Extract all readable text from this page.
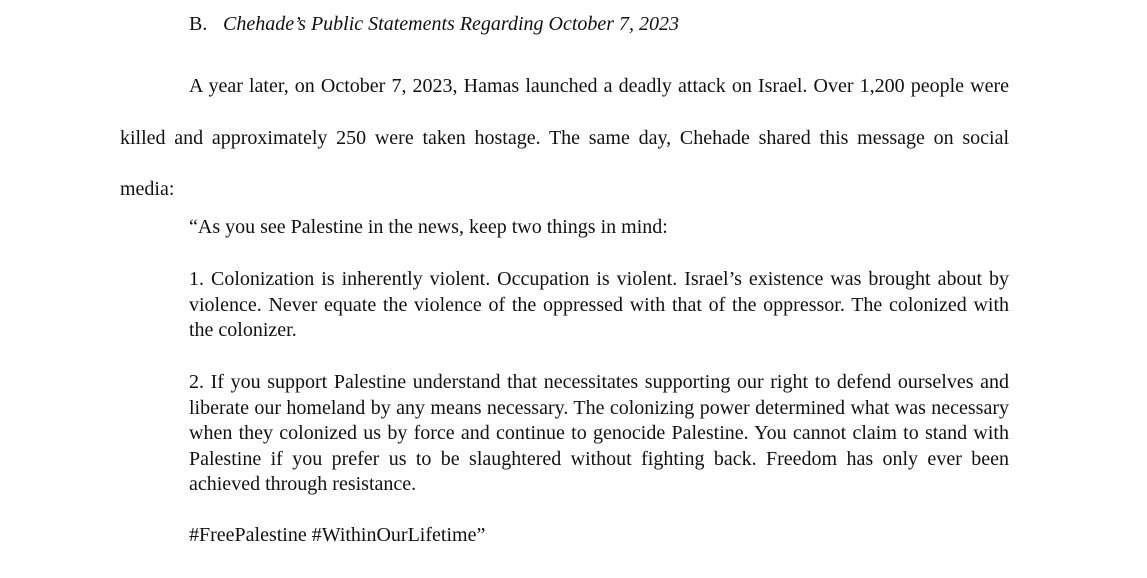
B. Chehade’s Public Statements Regarding October 7, 2023

A year later, on October 7, 2023, Hamas launched a deadly attack on Israel. Over 1,200 people were killed and approximately 250 were taken hostage. The same day, Chehade shared this message on social media:

“As you see Palestine in the news, keep two things in mind:

1. Colonization is inherently violent. Occupation is violent. Israel’s existence was brought about by violence. Never equate the violence of the oppressed with that of the oppressor. The colonized with the colonizer.

2. If you support Palestine understand that necessitates supporting our right to defend ourselves and liberate our homeland by any means necessary. The colonizing power determined what was necessary when they colonized us by force and continue to genocide Palestine. You cannot claim to stand with Palestine if you prefer us to be slaughtered without fighting back. Freedom has only ever been achieved through resistance.

#FreePalestine #WithinOurLifetime”
